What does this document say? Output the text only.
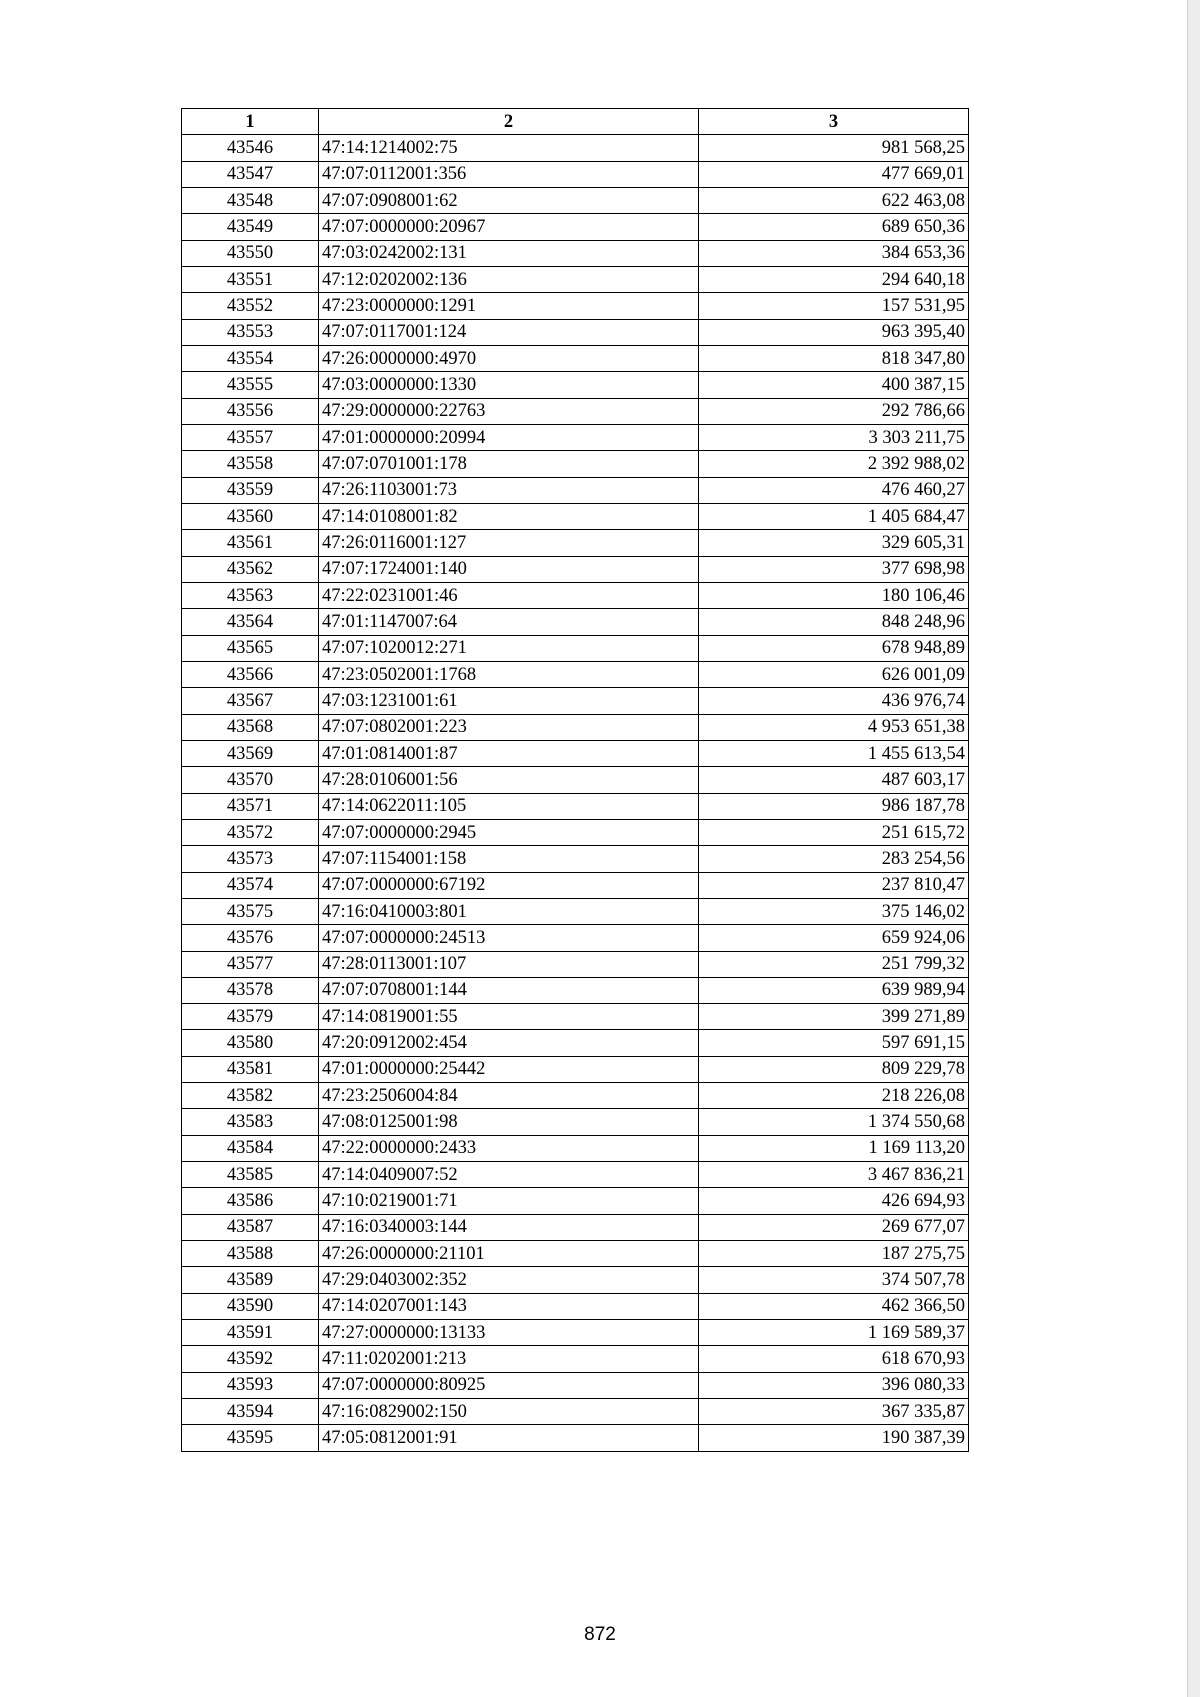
1	2	3
43546	47:14:1214002:75	981 568,25
43547	47:07:0112001:356	477 669,01
43548	47:07:0908001:62	622 463,08
43549	47:07:0000000:20967	689 650,36
43550	47:03:0242002:131	384 653,36
43551	47:12:0202002:136	294 640,18
43552	47:23:0000000:1291	157 531,95
43553	47:07:0117001:124	963 395,40
43554	47:26:0000000:4970	818 347,80
43555	47:03:0000000:1330	400 387,15
43556	47:29:0000000:22763	292 786,66
43557	47:01:0000000:20994	3 303 211,75
43558	47:07:0701001:178	2 392 988,02
43559	47:26:1103001:73	476 460,27
43560	47:14:0108001:82	1 405 684,47
43561	47:26:0116001:127	329 605,31
43562	47:07:1724001:140	377 698,98
43563	47:22:0231001:46	180 106,46
43564	47:01:1147007:64	848 248,96
43565	47:07:1020012:271	678 948,89
43566	47:23:0502001:1768	626 001,09
43567	47:03:1231001:61	436 976,74
43568	47:07:0802001:223	4 953 651,38
43569	47:01:0814001:87	1 455 613,54
43570	47:28:0106001:56	487 603,17
43571	47:14:0622011:105	986 187,78
43572	47:07:0000000:2945	251 615,72
43573	47:07:1154001:158	283 254,56
43574	47:07:0000000:67192	237 810,47
43575	47:16:0410003:801	375 146,02
43576	47:07:0000000:24513	659 924,06
43577	47:28:0113001:107	251 799,32
43578	47:07:0708001:144	639 989,94
43579	47:14:0819001:55	399 271,89
43580	47:20:0912002:454	597 691,15
43581	47:01:0000000:25442	809 229,78
43582	47:23:2506004:84	218 226,08
43583	47:08:0125001:98	1 374 550,68
43584	47:22:0000000:2433	1 169 113,20
43585	47:14:0409007:52	3 467 836,21
43586	47:10:0219001:71	426 694,93
43587	47:16:0340003:144	269 677,07
43588	47:26:0000000:21101	187 275,75
43589	47:29:0403002:352	374 507,78
43590	47:14:0207001:143	462 366,50
43591	47:27:0000000:13133	1 169 589,37
43592	47:11:0202001:213	618 670,93
43593	47:07:0000000:80925	396 080,33
43594	47:16:0829002:150	367 335,87
43595	47:05:0812001:91	190 387,39
872
